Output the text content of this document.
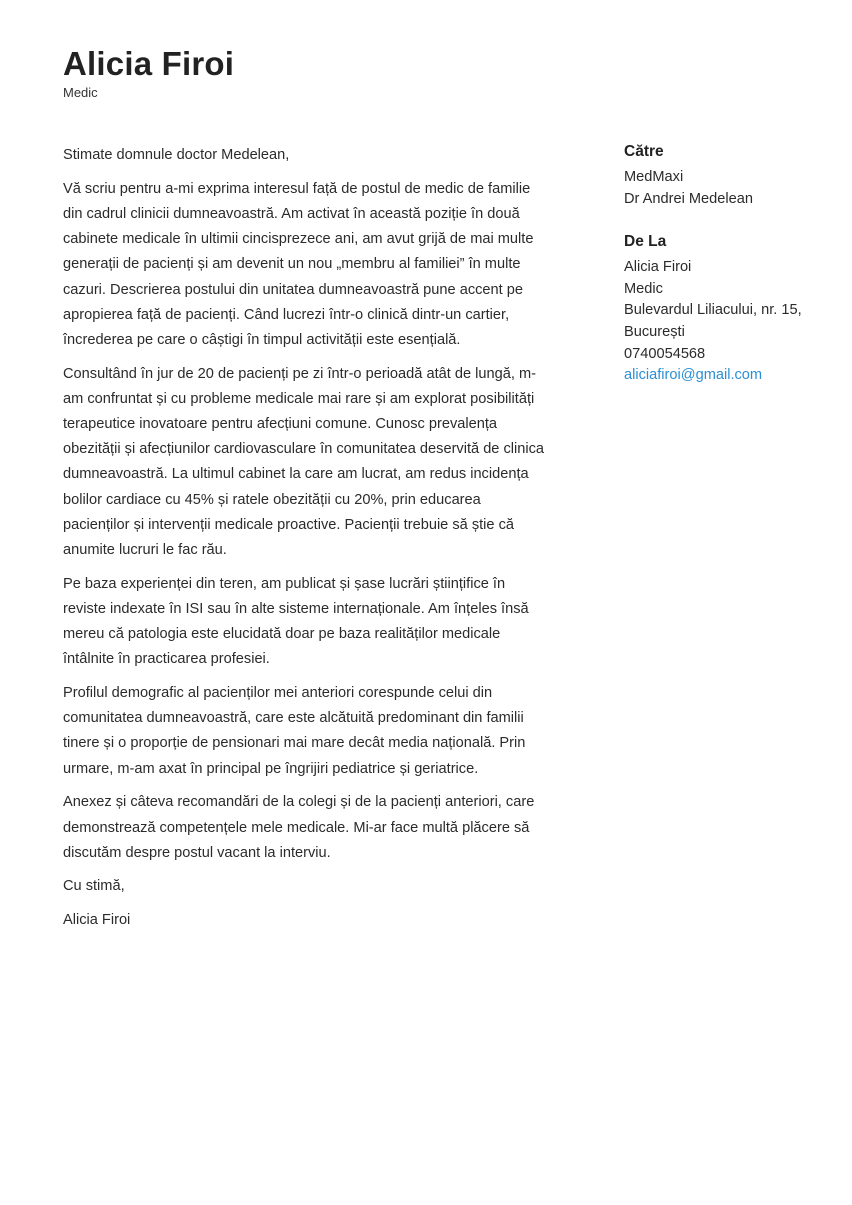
Alicia Firoi
Medic

Stimate domnule doctor Medelean,

Vă scriu pentru a-mi exprima interesul față de postul de medic de familie din cadrul clinicii dumneavoastră. Am activat în această poziție în două cabinete medicale în ultimii cincisprezece ani, am avut grijă de mai multe generații de pacienți și am devenit un nou „membru al familiei” în multe cazuri. Descrierea postului din unitatea dumneavoastră pune accent pe apropierea față de pacienți. Când lucrezi într-o clinică dintr-un cartier, încrederea pe care o câștigi în timpul activității este esențială.

Consultând în jur de 20 de pacienți pe zi într-o perioadă atât de lungă, m-am confruntat și cu probleme medicale mai rare și am explorat posibilități terapeutice inovatoare pentru afecțiuni comune. Cunosc prevalența obezității și afecțiunilor cardiovasculare în comunitatea deservită de clinica dumneavoastră. La ultimul cabinet la care am lucrat, am redus incidența bolilor cardiace cu 45% și ratele obezității cu 20%, prin educarea pacienților și intervenții medicale proactive. Pacienții trebuie să știe că anumite lucruri le fac rău.

Pe baza experienței din teren, am publicat și șase lucrări științifice în reviste indexate în ISI sau în alte sisteme internaționale. Am înțeles însă mereu că patologia este elucidată doar pe baza realităților medicale întâlnite în practicarea profesiei.

Profilul demografic al pacienților mei anteriori corespunde celui din comunitatea dumneavoastră, care este alcătuită predominant din familii tinere și o proporție de pensionari mai mare decât media națională. Prin urmare, m-am axat în principal pe îngrijiri pediatrice și geriatrice.

Anexez și câteva recomandări de la colegi și de la pacienți anteriori, care demonstrează competențele mele medicale. Mi-ar face multă plăcere să discutăm despre postul vacant la interviu.

Cu stimă,

Alicia Firoi

Către
MedMaxi
Dr Andrei Medelean
De La
Alicia Firoi
Medic
Bulevardul Liliacului, nr. 15, București
0740054568
aliciafiroi@gmail.com
